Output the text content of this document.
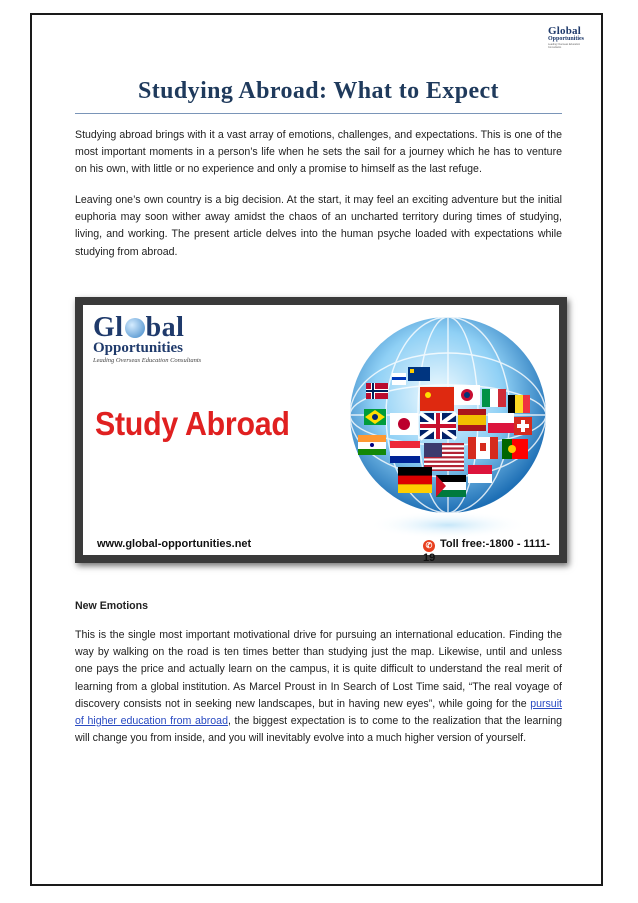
Global
Opportunities
Leading Overseas Education Consultants
Studying Abroad: What to Expect

Studying abroad brings with it a vast array of emotions, challenges, and expectations. This is one of the most important moments in a person’s life when he sets the sail for a journey which he has to venture on his own, with little or no experience and only a promise to himself as the last refuge.

Leaving one’s own country is a big decision. At the start, it may feel an exciting adventure but the initial euphoria may soon wither away amidst the chaos of an uncharted territory during times of studying, living, and working. The present article delves into the human psyche loaded with expectations while studying from abroad.

Gl bal
Opportunities
Leading Overseas Education Consultants
Study Abroad
www.global-opportunities.net	✆ Toll free:-1800 - 1111-19
New Emotions

This is the single most important motivational drive for pursuing an international education. Finding the way by walking on the road is ten times better than studying just the map. Likewise, until and unless one pays the price and actually learn on the campus, it is quite difficult to understand the real merit of learning from a global institution. As Marcel Proust in In Search of Lost Time said, “The real voyage of discovery consists not in seeking new landscapes, but in having new eyes”, while going for the pursuit of higher education from abroad, the biggest expectation is to come to the realization that the learning will change you from inside, and you will inevitably evolve into a much higher version of yourself.
